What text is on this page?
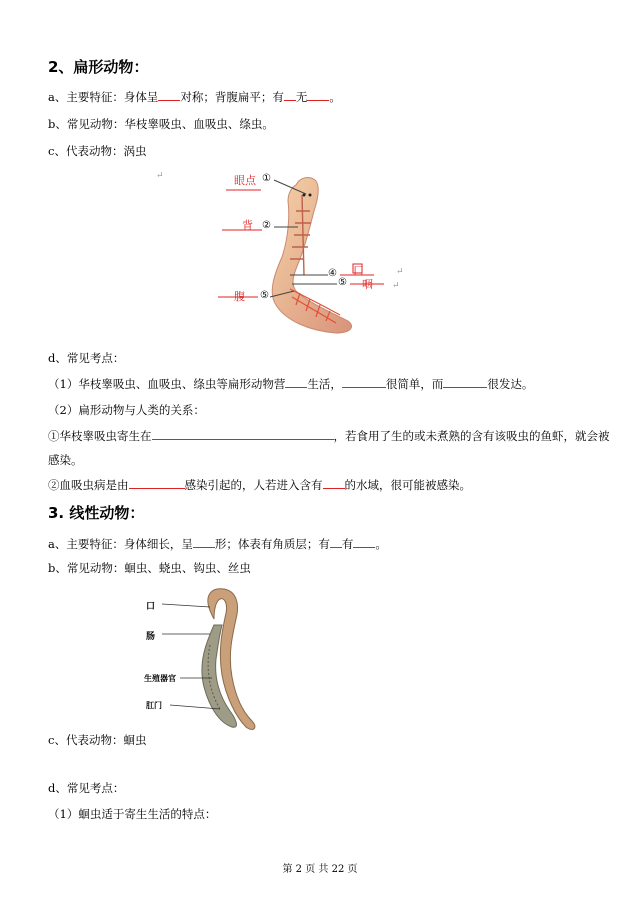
2、扁形动物：
a、主要特征：身体呈 对称；背腹扁平；有 无 。
b、常见动物：华枝睾吸虫、血吸虫、绦虫。
c、代表动物：涡虫
↵
↵
↵
眼点 ①
背 ②
④ 口
⑤ 咽
腹 ⑤
d、常见考点：
（1）华枝睾吸虫、血吸虫、绦虫等扁形动物营 生活，	很简单，而	很发达。
（2）扁形动物与人类的关系：
①华枝睾吸虫寄生在	，若食用了生的或未煮熟的含有该吸虫的鱼虾，就会被
感染。
②血吸虫病是由	感染引起的，人若进入含有 的水域，很可能被感染。
3. 线性动物：
a、主要特征：身体细长，呈 形；体表有角质层；有 有 。
b、常见动物：蛔虫、蛲虫、钩虫、丝虫
口
肠
生殖器官
肛门
c、代表动物：蛔虫
d、常见考点：
（1）蛔虫适于寄生生活的特点：
第 2 页 共 22 页
